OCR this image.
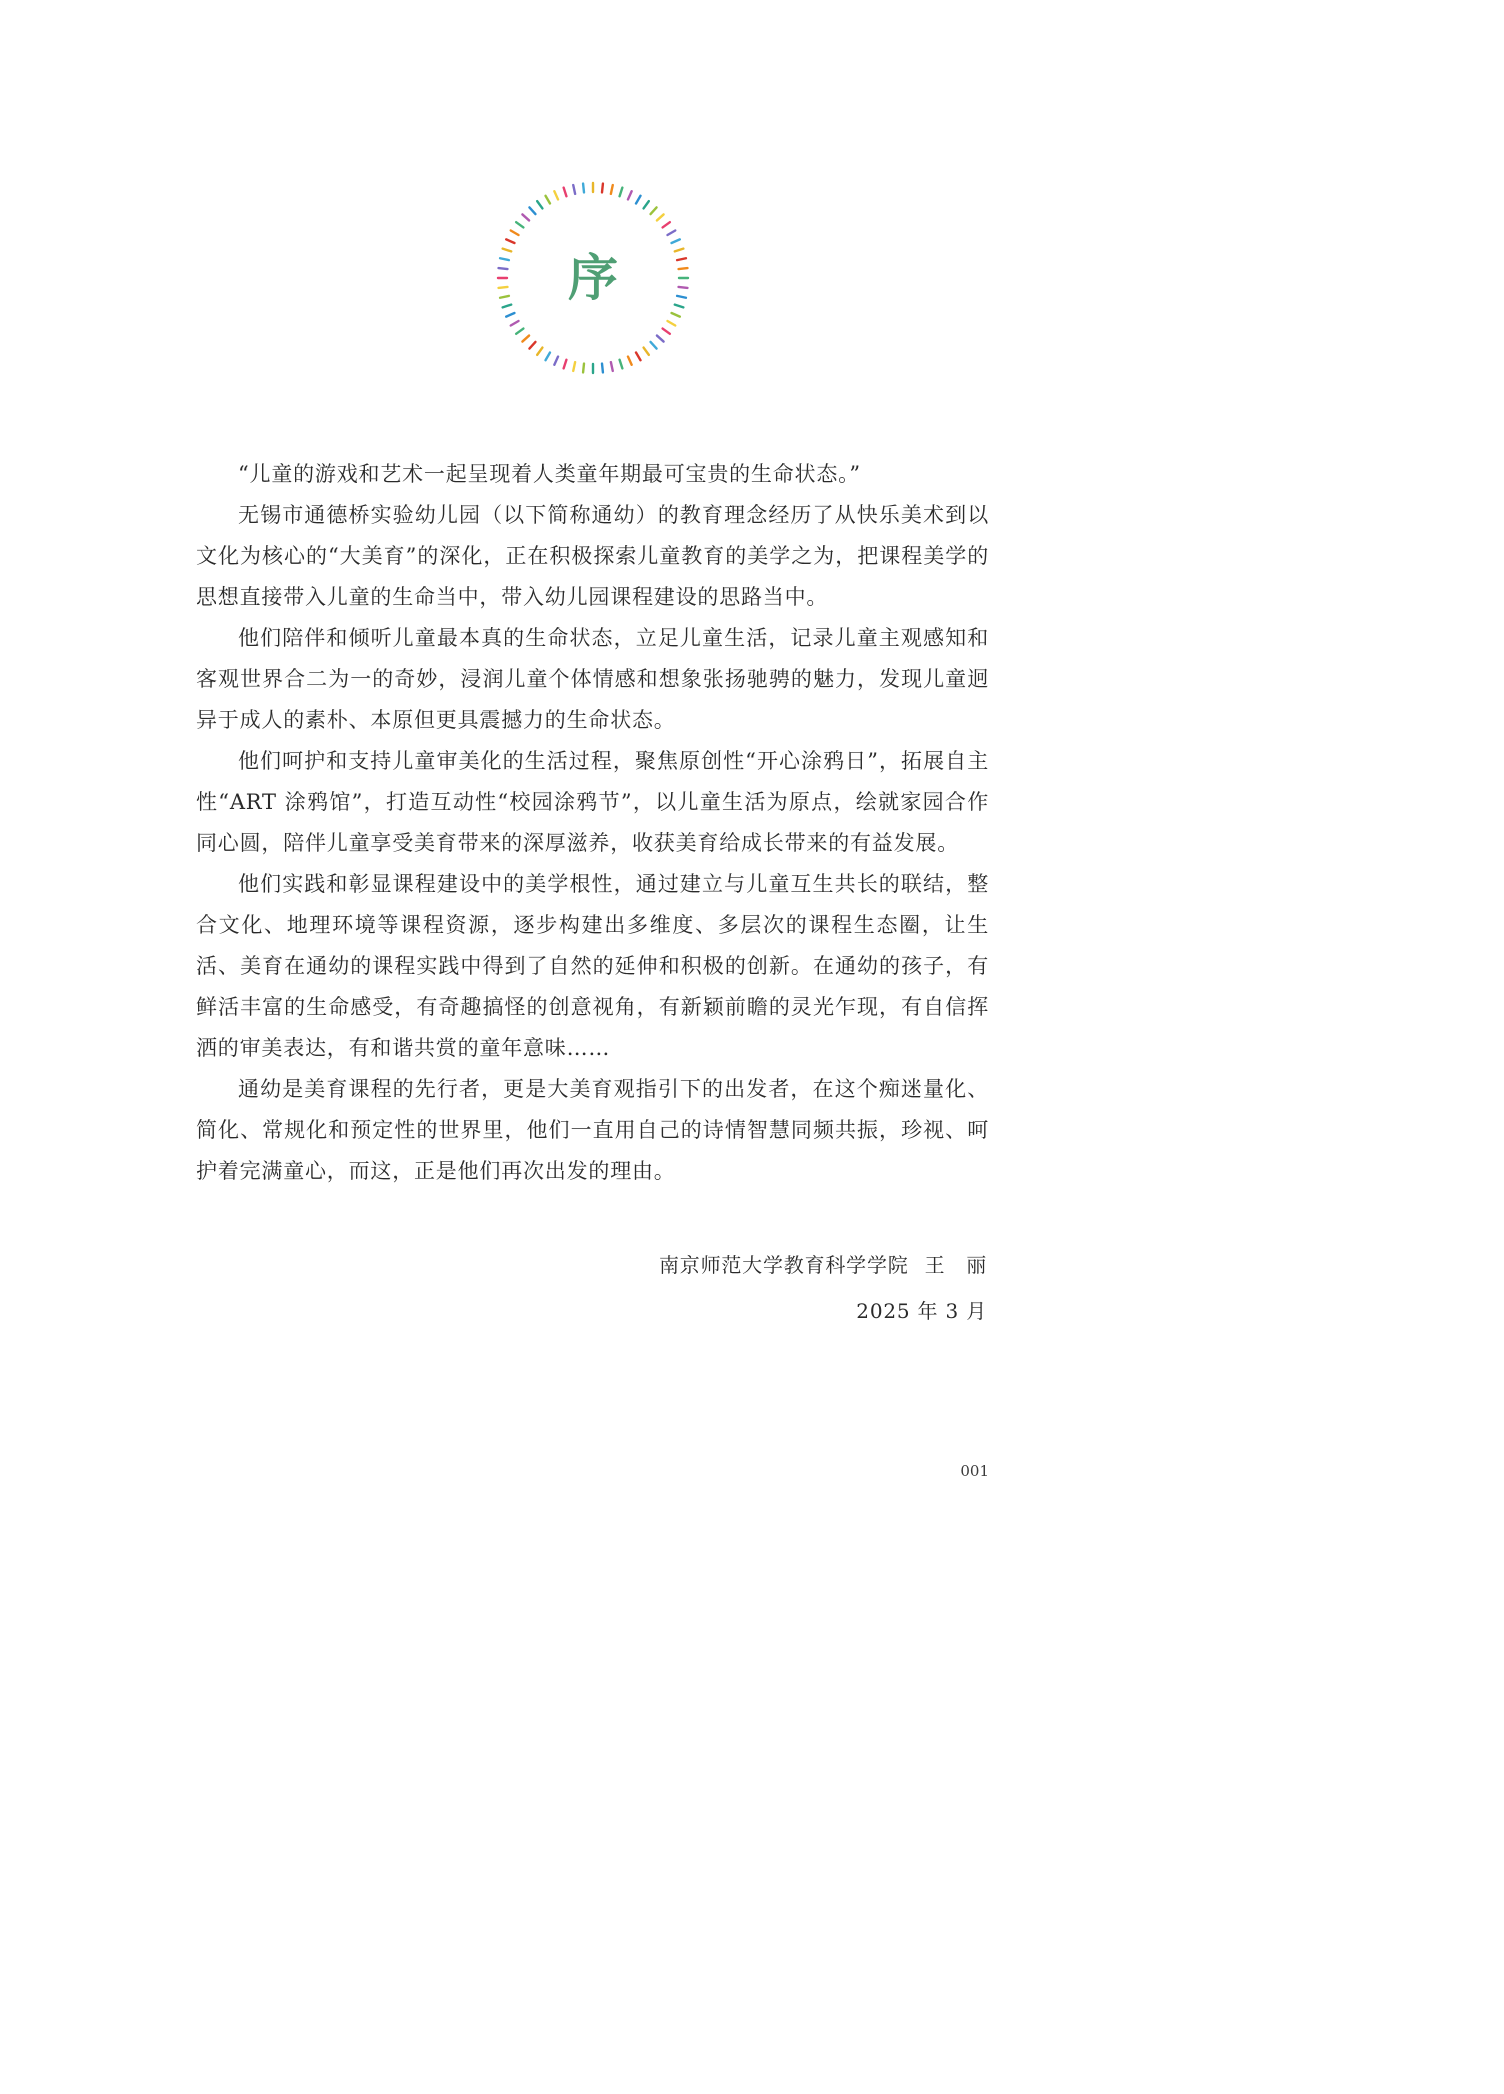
序

“儿童的游戏和艺术一起呈现着人类童年期最可宝贵的生命状态。”

无锡市通德桥实验幼儿园（以下简称通幼）的教育理念经历了从快乐美术到以文化为核心的“大美育”的深化，正在积极探索儿童教育的美学之为，把课程美学的思想直接带入儿童的生命当中，带入幼儿园课程建设的思路当中。

他们陪伴和倾听儿童最本真的生命状态，立足儿童生活，记录儿童主观感知和客观世界合二为一的奇妙，浸润儿童个体情感和想象张扬驰骋的魅力，发现儿童迥异于成人的素朴、本原但更具震撼力的生命状态。

他们呵护和支持儿童审美化的生活过程，聚焦原创性“开心涂鸦日”，拓展自主性“ART 涂鸦馆”，打造互动性“校园涂鸦节”，以儿童生活为原点，绘就家园合作同心圆，陪伴儿童享受美育带来的深厚滋养，收获美育给成长带来的有益发展。

他们实践和彰显课程建设中的美学根性，通过建立与儿童互生共长的联结，整合文化、地理环境等课程资源，逐步构建出多维度、多层次的课程生态圈，让生活、美育在通幼的课程实践中得到了自然的延伸和积极的创新。在通幼的孩子，有鲜活丰富的生命感受，有奇趣搞怪的创意视角，有新颖前瞻的灵光乍现，有自信挥洒的审美表达，有和谐共赏的童年意味……

通幼是美育课程的先行者，更是大美育观指引下的出发者，在这个痴迷量化、简化、常规化和预定性的世界里，他们一直用自己的诗情智慧同频共振，珍视、呵护着完满童心，而这，正是他们再次出发的理由。

南京师范大学教育科学学院 王　丽
2025 年 3 月
001
